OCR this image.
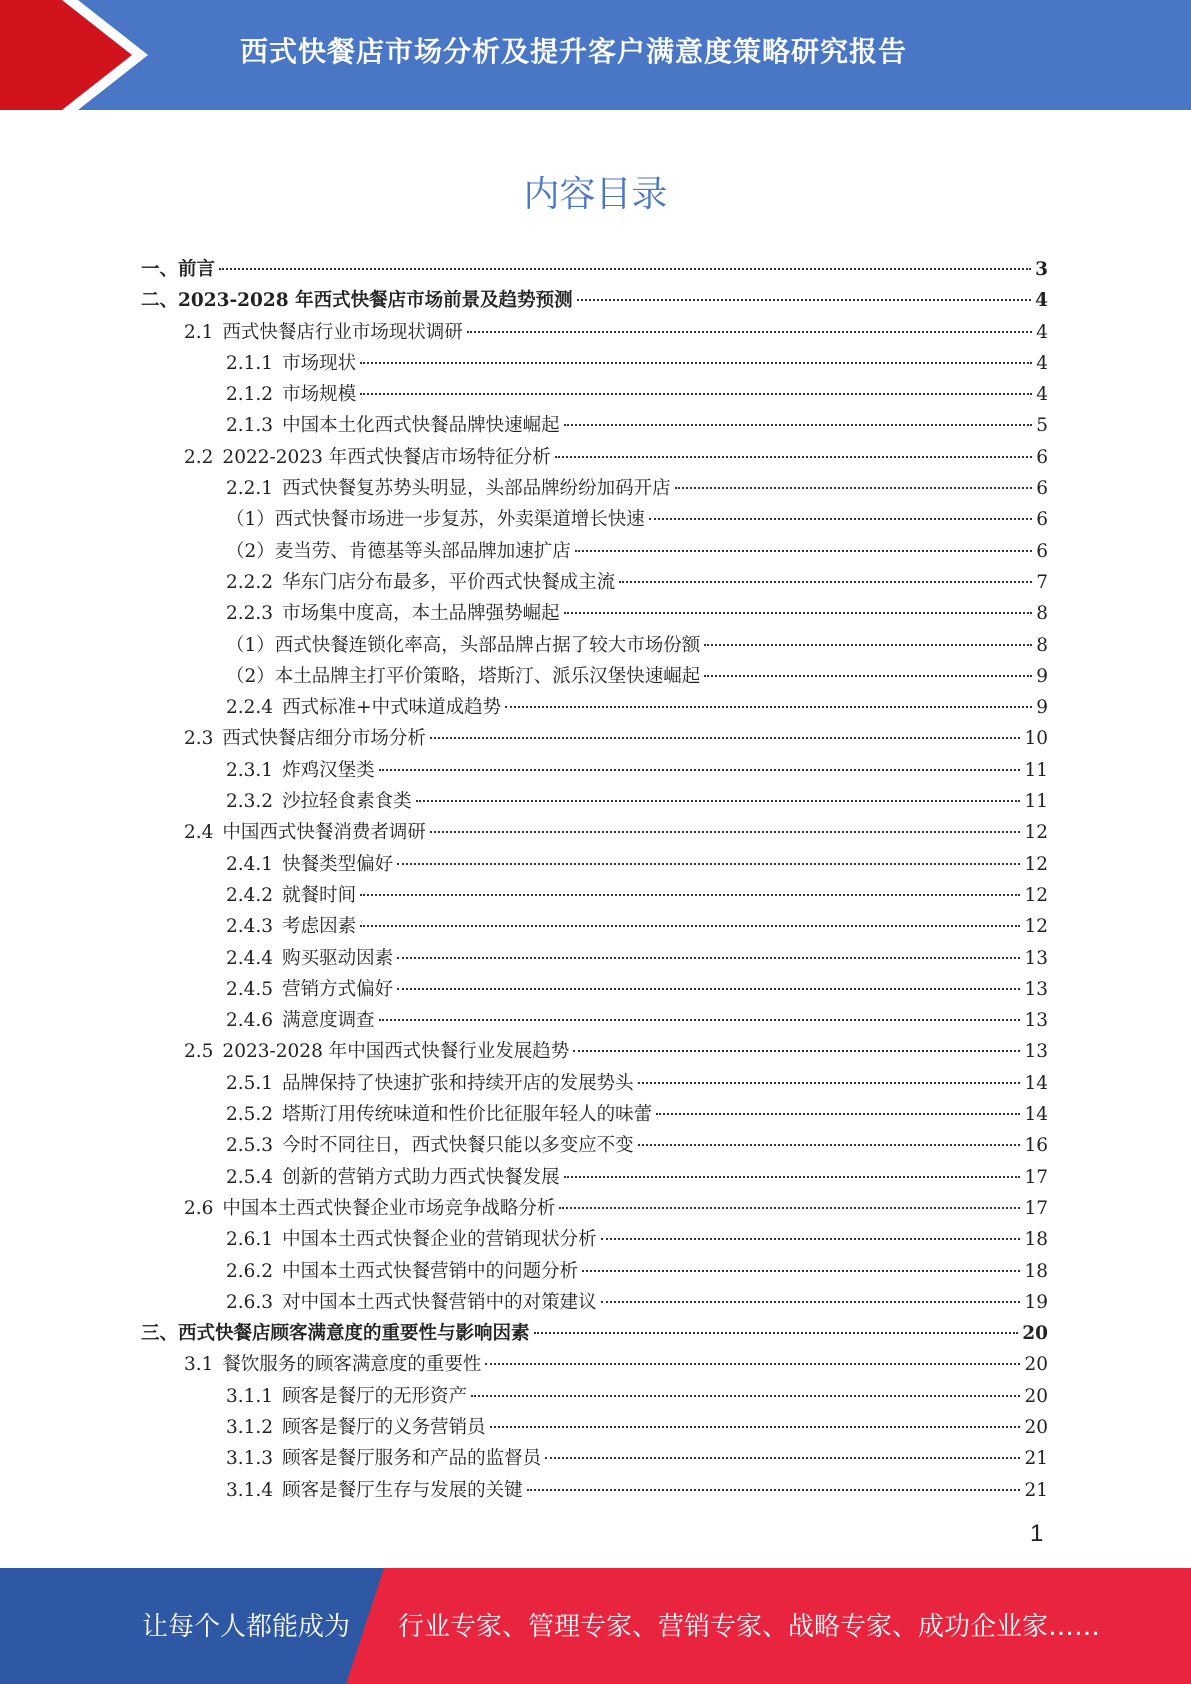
西式快餐店市场分析及提升客户满意度策略研究报告
内容目录
一、前言	3
二、2023-2028 年西式快餐店市场前景及趋势预测	4
2.1 西式快餐店行业市场现状调研	4
2.1.1 市场现状	4
2.1.2 市场规模	4
2.1.3 中国本土化西式快餐品牌快速崛起	5
2.2 2022-2023 年西式快餐店市场特征分析	6
2.2.1 西式快餐复苏势头明显，头部品牌纷纷加码开店	6
（1）西式快餐市场进一步复苏，外卖渠道增长快速	6
（2）麦当劳、肯德基等头部品牌加速扩店	6
2.2.2 华东门店分布最多，平价西式快餐成主流	7
2.2.3 市场集中度高，本土品牌强势崛起	8
（1）西式快餐连锁化率高，头部品牌占据了较大市场份额	8
（2）本土品牌主打平价策略，塔斯汀、派乐汉堡快速崛起	9
2.2.4 西式标准+中式味道成趋势	9
2.3 西式快餐店细分市场分析	10
2.3.1 炸鸡汉堡类	11
2.3.2 沙拉轻食素食类	11
2.4 中国西式快餐消费者调研	12
2.4.1 快餐类型偏好	12
2.4.2 就餐时间	12
2.4.3 考虑因素	12
2.4.4 购买驱动因素	13
2.4.5 营销方式偏好	13
2.4.6 满意度调查	13
2.5 2023-2028 年中国西式快餐行业发展趋势	13
2.5.1 品牌保持了快速扩张和持续开店的发展势头	14
2.5.2 塔斯汀用传统味道和性价比征服年轻人的味蕾	14
2.5.3 今时不同往日，西式快餐只能以多变应不变	16
2.5.4 创新的营销方式助力西式快餐发展	17
2.6 中国本土西式快餐企业市场竞争战略分析	17
2.6.1 中国本土西式快餐企业的营销现状分析	18
2.6.2 中国本土西式快餐营销中的问题分析	18
2.6.3 对中国本土西式快餐营销中的对策建议	19
三、西式快餐店顾客满意度的重要性与影响因素	20
3.1 餐饮服务的顾客满意度的重要性	20
3.1.1 顾客是餐厅的无形资产	20
3.1.2 顾客是餐厅的义务营销员	20
3.1.3 顾客是餐厅服务和产品的监督员	21
3.1.4 顾客是餐厅生存与发展的关键	21
1
让每个人都能成为 行业专家、管理专家、营销专家、战略专家、成功企业家……
